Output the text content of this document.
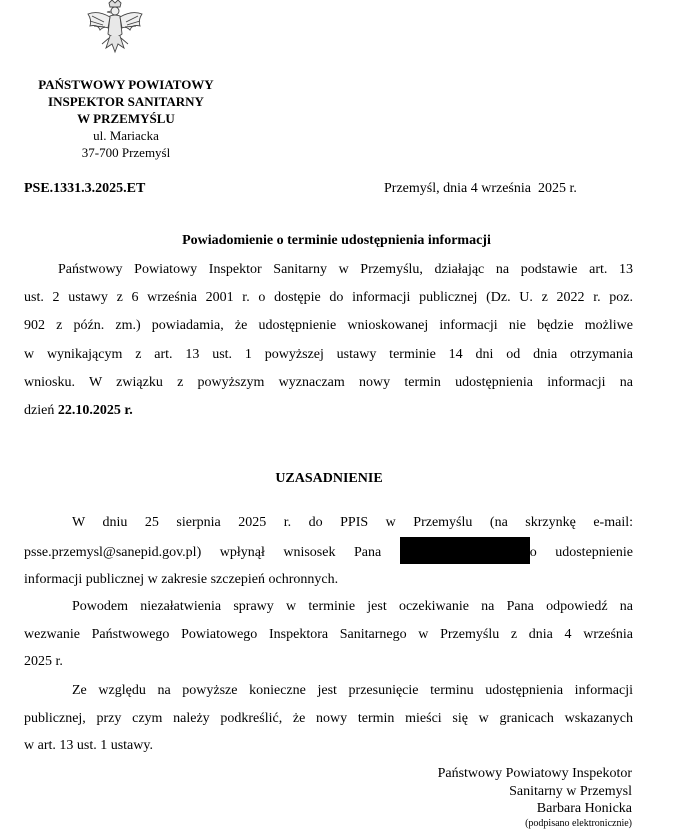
PAŃSTWOWY POWIATOWY
INSPEKTOR SANITARNY
W PRZEMYŚLU
ul. Mariacka
37-700 Przemyśl
PSE.1331.3.2025.ET	Przemyśl, dnia 4 września  2025 r.
Powiadomienie o terminie udostępnienia informacji
Państwowy Powiatowy Inspektor Sanitarny w Przemyślu, działając na podstawie art. 13
ust. 2 ustawy z 6 września 2001 r. o dostępie do informacji publicznej (Dz. U. z 2022 r. poz.
902 z późn. zm.) powiadamia, że udostępnienie wnioskowanej informacji nie będzie możliwe
w wynikającym z art. 13 ust. 1 powyższej ustawy terminie 14 dni od dnia otrzymania
wniosku. W związku z powyższym wyznaczam nowy termin udostępnienia informacji na
dzień 22.10.2025 r.
UZASADNIENIE
W dniu 25 sierpnia 2025 r. do PPIS w Przemyślu (na skrzynkę e-mail:
psse.przemysl@sanepid.gov.pl) wpłynął wnisosek Pana	o udostepnienie
informacji publicznej w zakresie szczepień ochronnych.
Powodem niezałatwienia sprawy w terminie jest oczekiwanie na Pana odpowiedź na
wezwanie Państwowego Powiatowego Inspektora Sanitarnego w Przemyślu z dnia 4 września
2025 r.
Ze względu na powyższe konieczne jest przesunięcie terminu udostępnienia informacji
publicznej, przy czym należy podkreślić, że nowy termin mieści się w granicach wskazanych
w art. 13 ust. 1 ustawy.
Państwowy Powiatowy Inspekotor
Sanitarny w Przemysl
Barbara Honicka
(podpisano elektronicznie)
